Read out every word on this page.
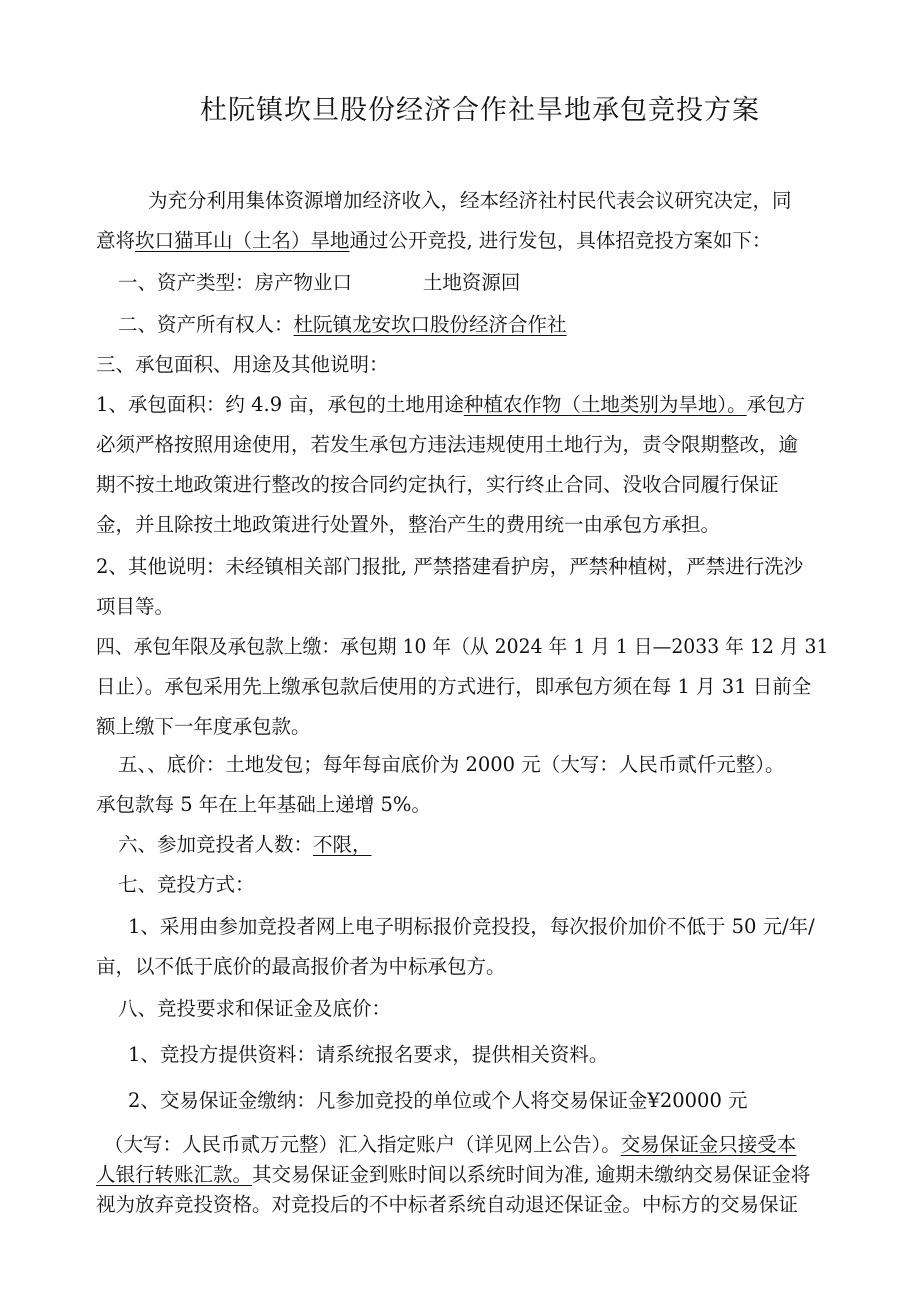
杜阮镇坎旦股份经济合作社旱地承包竞投方案
为充分利用集体资源增加经济收入，经本经济社村民代表会议研究决定，同
意将坎口猫耳山（土名）旱地通过公开竞投, 进行发包，具体招竞投方案如下：
一、资产类型：房产物业口 　　　 土地资源回
二、资产所有权人：杜阮镇龙安坎口股份经济合作社
三、承包面积、用途及其他说明：
1、承包面积：约 4.9 亩，承包的土地用途种植农作物（土地类别为旱地）。承包方
必须严格按照用途使用，若发生承包方违法违规使用土地行为，责令限期整改，逾
期不按土地政策进行整改的按合同约定执行，实行终止合同、没收合同履行保证
金，并且除按土地政策进行处置外，整治产生的费用统一由承包方承担。
2、其他说明：未经镇相关部门报批, 严禁搭建看护房，严禁种植树，严禁进行洗沙
项目等。
四、承包年限及承包款上缴：承包期 10 年（从 2024 年 1 月 1 日—2033 年 12 月 31
日止）。承包采用先上缴承包款后使用的方式进行，即承包方须在每 1 月 31 日前全
额上缴下一年度承包款。
五、、底价：土地发包；每年每亩底价为 2000 元（大写：人民币贰仟元整）。
承包款每 5 年在上年基础上递增 5%。
六、参加竞投者人数：不限，
七、竞投方式：
1、采用由参加竞投者网上电子明标报价竞投投，每次报价加价不低于 50 元/年/
亩，以不低于底价的最高报价者为中标承包方。
八、竞投要求和保证金及底价：
1、竞投方提供资料：请系统报名要求，提供相关资料。
2、交易保证金缴纳：凡参加竞投的单位或个人将交易保证金¥20000 元
（大写：人民币贰万元整）汇入指定账户（详见网上公告）。交易保证金只接受本
人银行转账汇款。其交易保证金到账时间以系统时间为准, 逾期未缴纳交易保证金将
视为放弃竞投资格。对竞投后的不中标者系统自动退还保证金。中标方的交易保证
